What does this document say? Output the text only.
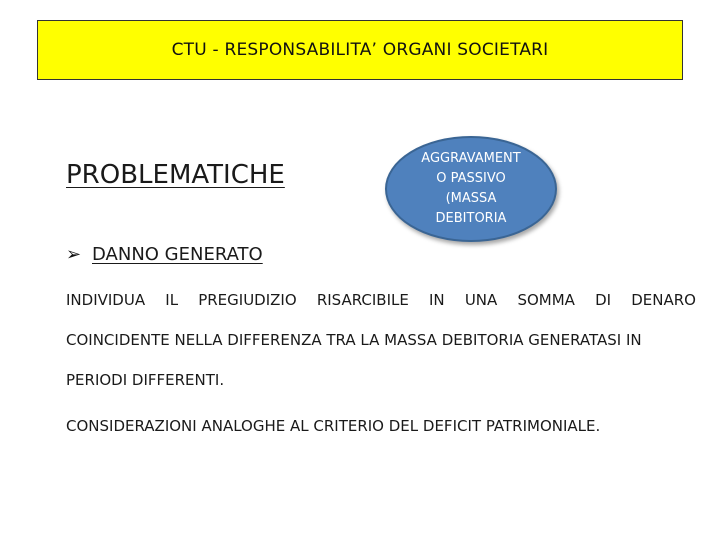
CTU - RESPONSABILITA’ ORGANI SOCIETARI
PROBLEMATICHE
➢ DANNO GENERATO
AGGRAVAMENT
O PASSIVO
(MASSA
DEBITORIA
INDIVIDUA IL PREGIUDIZIO RISARCIBILE IN UNA SOMMA DI DENARO
COINCIDENTE NELLA DIFFERENZA TRA LA MASSA DEBITORIA GENERATASI IN
PERIODI DIFFERENTI.
CONSIDERAZIONI ANALOGHE AL CRITERIO DEL DEFICIT PATRIMONIALE.
